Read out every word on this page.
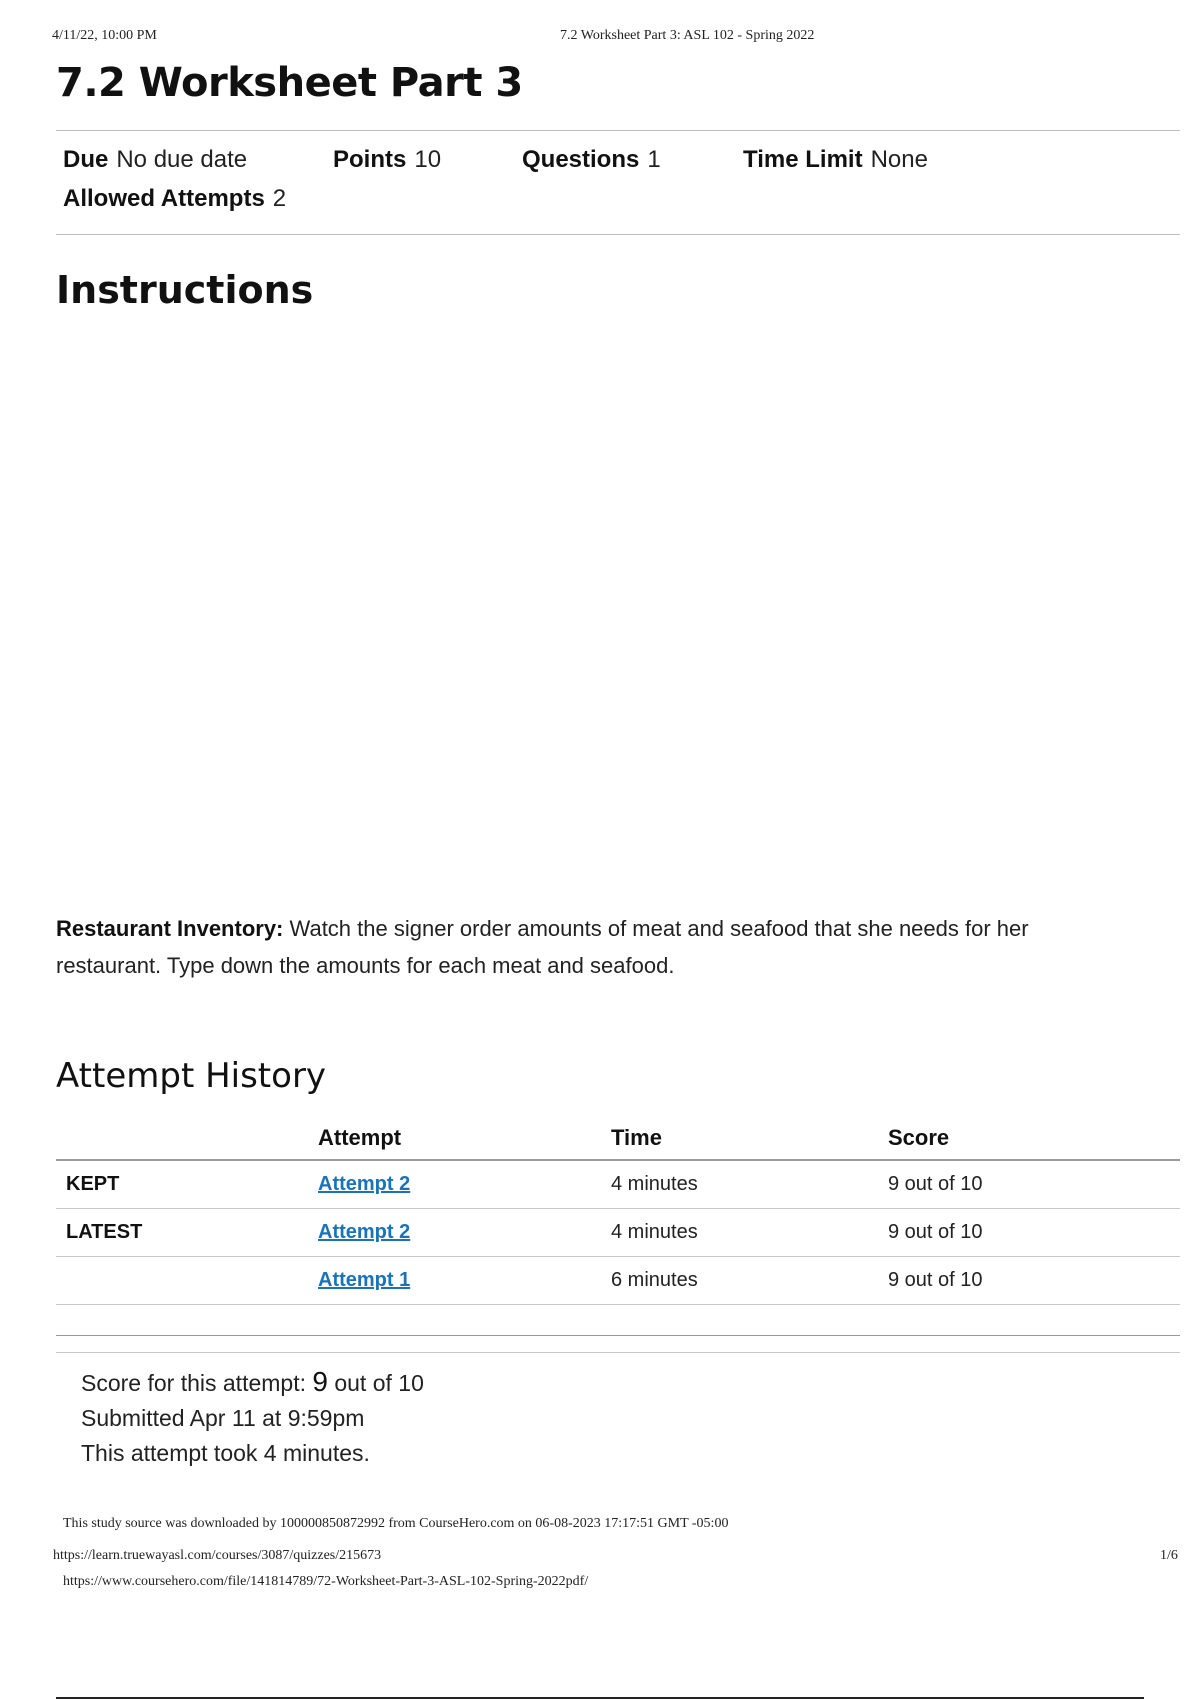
4/11/22, 10:00 PM	7.2 Worksheet Part 3: ASL 102 - Spring 2022
7.2 Worksheet Part 3
Due No due date	Points 10	Questions 1	Time Limit None
Allowed Attempts 2
Instructions

Restaurant Inventory: Watch the signer order amounts of meat and seafood that she needs for her restaurant. Type down the amounts for each meat and seafood.

Attempt History
	Attempt	Time	Score
KEPT	Attempt 2	4 minutes	9 out of 10
LATEST	Attempt 2	4 minutes	9 out of 10
	Attempt 1	6 minutes	9 out of 10

Score for this attempt: 9 out of 10
Submitted Apr 11 at 9:59pm
This attempt took 4 minutes.
This study source was downloaded by 100000850872992 from CourseHero.com on 06-08-2023 17:17:51 GMT -05:00
https://learn.truewayasl.com/courses/3087/quizzes/215673	1/6
https://www.coursehero.com/file/141814789/72-Worksheet-Part-3-ASL-102-Spring-2022pdf/
